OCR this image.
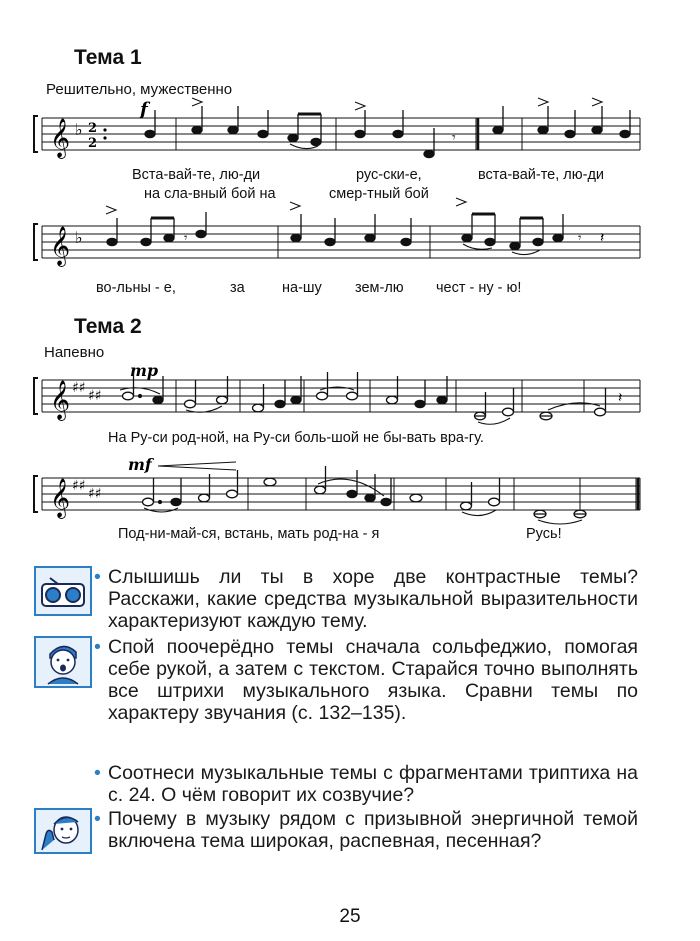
Тема 1
Решительно, мужественно
𝄞 ♭ 2
2
f
𝄾
Вста-вай-те, лю-ди	рус-ски-е,	вста-вай-те, лю-ди
на сла-вный бой на	смер-тный бой
𝄞 ♭	𝄾	𝄾 𝄽
во-льны - е,	за	на-шу зем-лю чест - ну - ю!
Тема 2
Напевно
𝄞 ♯♯ ♯♯
mp
𝄽
На Ру-си род-ной, на Ру-си боль-шой не бы-вать вра-гу.
𝄞 ♯♯ ♯♯
mf
Под-ни-май-ся, встань, мать род-на - я	Русь!
• Слышишь ли ты в хоре две контрастные темы? Расскажи, какие средства музыкальной выразительности характеризуют каждую тему.
• Спой поочерёдно темы сначала сольфеджио, помогая себе рукой, а затем с текстом. Старайся точно выполнять все штрихи музыкального языка. Сравни темы по характеру звучания (с. 132–135).
• Соотнеси музыкальные темы с фрагментами триптиха на с. 24. О чём говорит их созвучие?
• Почему в музыку рядом с призывной энергичной темой включена тема широкая, распевная, песенная?
25
